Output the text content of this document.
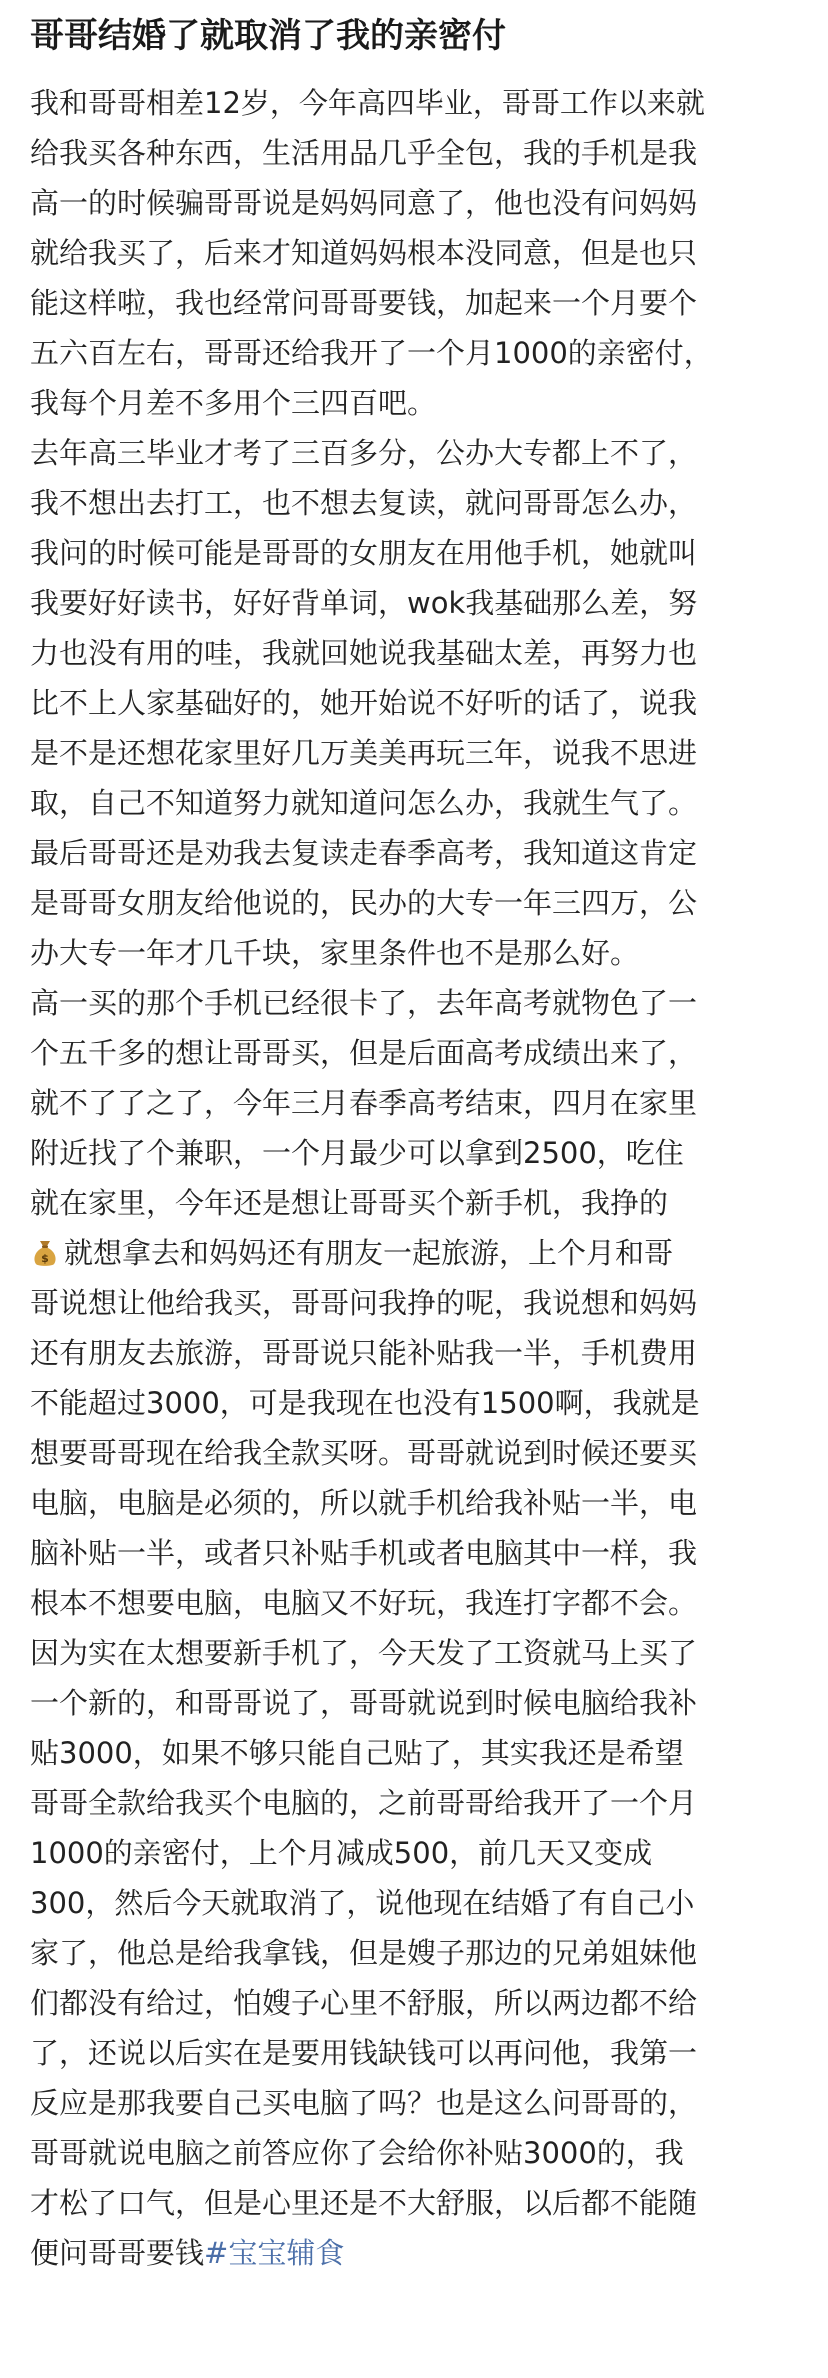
哥哥结婚了就取消了我的亲密付

我和哥哥相差12岁，今年高四毕业，哥哥工作以来就

给我买各种东西，生活用品几乎全包，我的手机是我

高一的时候骗哥哥说是妈妈同意了，他也没有问妈妈

就给我买了，后来才知道妈妈根本没同意，但是也只

能这样啦，我也经常问哥哥要钱，加起来一个月要个

五六百左右，哥哥还给我开了一个月1000的亲密付，

我每个月差不多用个三四百吧。

去年高三毕业才考了三百多分，公办大专都上不了，

我不想出去打工，也不想去复读，就问哥哥怎么办，

我问的时候可能是哥哥的女朋友在用他手机，她就叫

我要好好读书，好好背单词，wok我基础那么差，努

力也没有用的哇，我就回她说我基础太差，再努力也

比不上人家基础好的，她开始说不好听的话了，说我

是不是还想花家里好几万美美再玩三年，说我不思进

取，自己不知道努力就知道问怎么办，我就生气了。

最后哥哥还是劝我去复读走春季高考，我知道这肯定

是哥哥女朋友给他说的，民办的大专一年三四万，公

办大专一年才几千块，家里条件也不是那么好。

高一买的那个手机已经很卡了，去年高考就物色了一

个五千多的想让哥哥买，但是后面高考成绩出来了，

就不了了之了，今年三月春季高考结束，四月在家里

附近找了个兼职，一个月最少可以拿到2500，吃住

就在家里，今年还是想让哥哥买个新手机，我挣的

$ 就想拿去和妈妈还有朋友一起旅游，上个月和哥

哥说想让他给我买，哥哥问我挣的呢，我说想和妈妈

还有朋友去旅游，哥哥说只能补贴我一半，手机费用

不能超过3000，可是我现在也没有1500啊，我就是

想要哥哥现在给我全款买呀。哥哥就说到时候还要买

电脑，电脑是必须的，所以就手机给我补贴一半，电

脑补贴一半，或者只补贴手机或者电脑其中一样，我

根本不想要电脑，电脑又不好玩，我连打字都不会。

因为实在太想要新手机了，今天发了工资就马上买了

一个新的，和哥哥说了，哥哥就说到时候电脑给我补

贴3000，如果不够只能自己贴了，其实我还是希望

哥哥全款给我买个电脑的，之前哥哥给我开了一个月

1000的亲密付，上个月减成500，前几天又变成

300，然后今天就取消了，说他现在结婚了有自己小

家了，他总是给我拿钱，但是嫂子那边的兄弟姐妹他

们都没有给过，怕嫂子心里不舒服，所以两边都不给

了，还说以后实在是要用钱缺钱可以再问他，我第一

反应是那我要自己买电脑了吗？也是这么问哥哥的，

哥哥就说电脑之前答应你了会给你补贴3000的，我

才松了口气，但是心里还是不大舒服，以后都不能随

便问哥哥要钱#宝宝辅食
